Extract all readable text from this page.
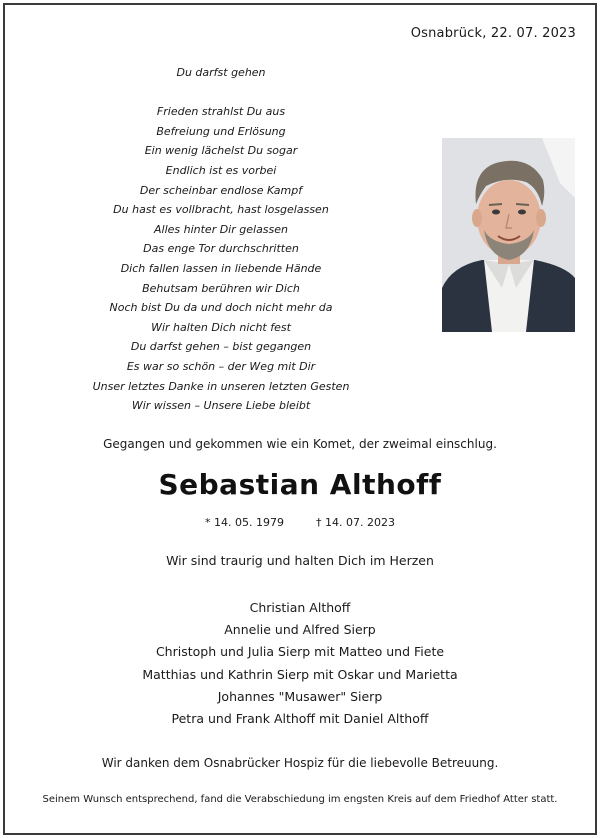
Osnabrück, 22. 07. 2023
Du darfst gehen
Frieden strahlst Du aus
Befreiung und Erlösung
Ein wenig lächelst Du sogar
Endlich ist es vorbei
Der scheinbar endlose Kampf
Du hast es vollbracht, hast losgelassen
Alles hinter Dir gelassen
Das enge Tor durchschritten
Dich fallen lassen in liebende Hände
Behutsam berühren wir Dich
Noch bist Du da und doch nicht mehr da
Wir halten Dich nicht fest
Du darfst gehen – bist gegangen
Es war so schön – der Weg mit Dir
Unser letztes Danke in unseren letzten Gesten
Wir wissen – Unsere Liebe bleibt
Gegangen und gekommen wie ein Komet, der zweimal einschlug.
Sebastian Althoff
* 14. 05. 1979	† 14. 07. 2023
Wir sind traurig und halten Dich im Herzen
Christian Althoff
Annelie und Alfred Sierp
Christoph und Julia Sierp mit Matteo und Fiete
Matthias und Kathrin Sierp mit Oskar und Marietta
Johannes "Musawer" Sierp
Petra und Frank Althoff mit Daniel Althoff
Wir danken dem Osnabrücker Hospiz für die liebevolle Betreuung.
Seinem Wunsch entsprechend, fand die Verabschiedung im engsten Kreis auf dem Friedhof Atter statt.
